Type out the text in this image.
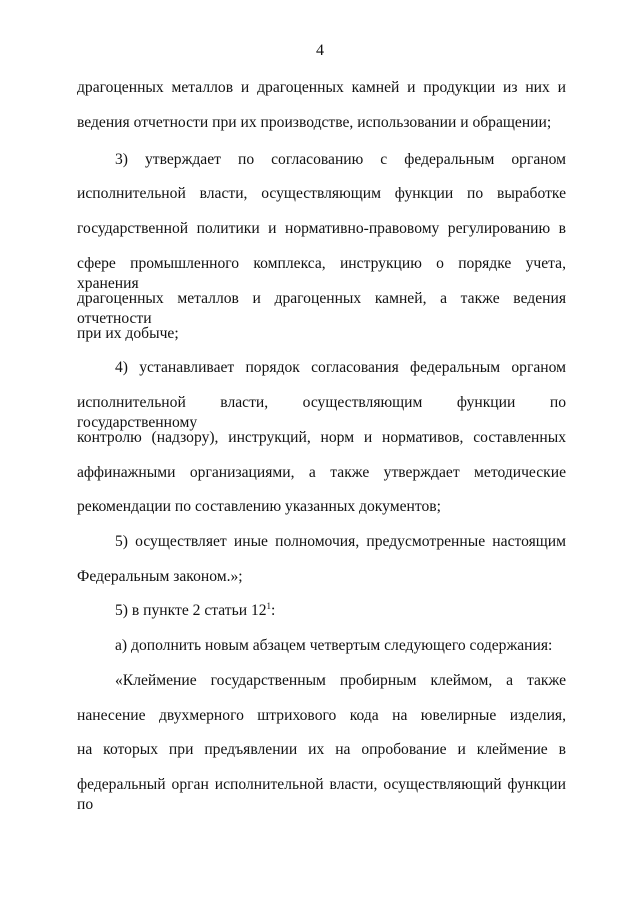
4

драгоценных металлов и драгоценных камней и продукции из них и

ведения отчетности при их производстве, использовании и обращении;

3) утверждает по согласованию с федеральным органом

исполнительной власти, осуществляющим функции по выработке

государственной политики и нормативно-правовому регулированию в

сфере промышленного комплекса, инструкцию о порядке учета, хранения

драгоценных металлов и драгоценных камней, а также ведения отчетности

при их добыче;

4) устанавливает порядок согласования федеральным органом

исполнительной власти, осуществляющим функции по государственному

контролю (надзору), инструкций, норм и нормативов, составленных

аффинажными организациями, а также утверждает методические

рекомендации по составлению указанных документов;

5) осуществляет иные полномочия, предусмотренные настоящим

Федеральным законом.»;

5) в пункте 2 статьи $12^1$:

а) дополнить новым абзацем четвертым следующего содержания:

«Клеймение государственным пробирным клеймом, а также

нанесение двухмерного штрихового кода на ювелирные изделия,

на которых при предъявлении их на опробование и клеймение в

федеральный орган исполнительной власти, осуществляющий функции по
